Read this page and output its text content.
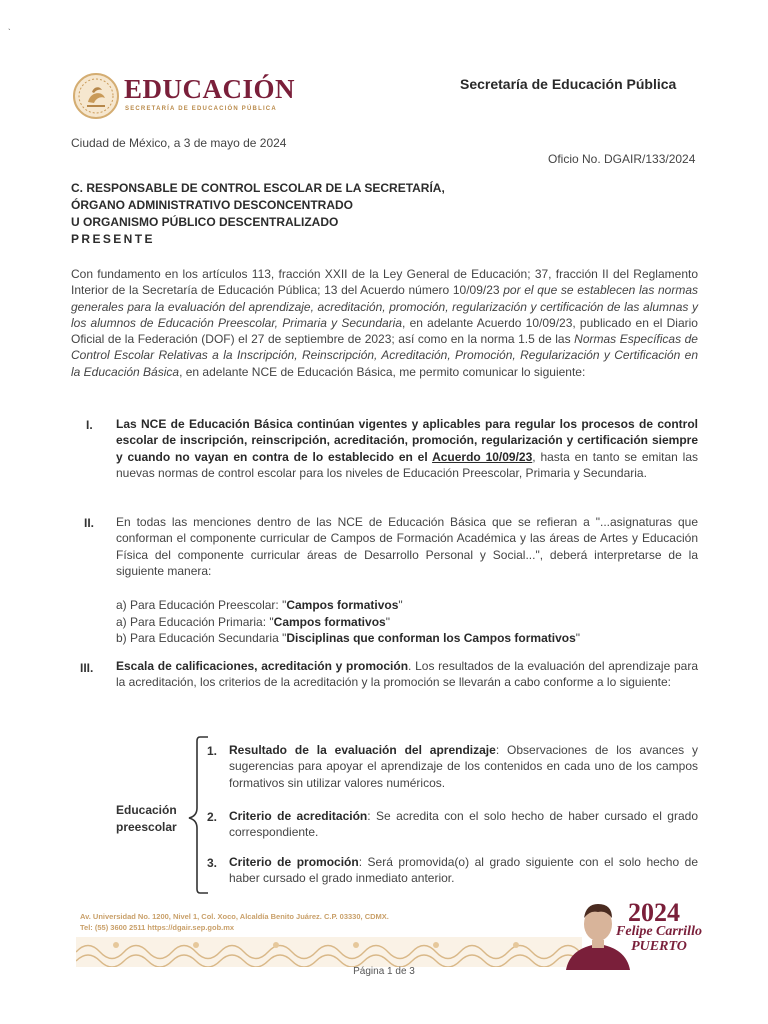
`
EDUCACIÓN
SECRETARÍA DE EDUCACIÓN PÚBLICA
Secretaría de Educación Pública
Ciudad de México, a 3 de mayo de 2024
Oficio No. DGAIR/133/2024
C. RESPONSABLE DE CONTROL ESCOLAR DE LA SECRETARÍA,
ÓRGANO ADMINISTRATIVO DESCONCENTRADO
U ORGANISMO PÚBLICO DESCENTRALIZADO
PRESENTE
Con fundamento en los artículos 113, fracción XXII de la Ley General de Educación; 37, fracción II del Reglamento Interior de la Secretaría de Educación Pública; 13 del Acuerdo número 10/09/23 por el que se establecen las normas generales para la evaluación del aprendizaje, acreditación, promoción, regularización y certificación de las alumnas y los alumnos de Educación Preescolar, Primaria y Secundaria, en adelante Acuerdo 10/09/23, publicado en el Diario Oficial de la Federación (DOF) el 27 de septiembre de 2023; así como en la norma 1.5 de las Normas Específicas de Control Escolar Relativas a la Inscripción, Reinscripción, Acreditación, Promoción, Regularización y Certificación en la Educación Básica, en adelante NCE de Educación Básica, me permito comunicar lo siguiente:
I. Las NCE de Educación Básica continúan vigentes y aplicables para regular los procesos de control escolar de inscripción, reinscripción, acreditación, promoción, regularización y certificación siempre y cuando no vayan en contra de lo establecido en el Acuerdo 10/09/23, hasta en tanto se emitan las nuevas normas de control escolar para los niveles de Educación Preescolar, Primaria y Secundaria.
II. En todas las menciones dentro de las NCE de Educación Básica que se refieran a "...asignaturas que conforman el componente curricular de Campos de Formación Académica y las áreas de Artes y Educación Física del componente curricular áreas de Desarrollo Personal y Social...", deberá interpretarse de la siguiente manera:
a) Para Educación Preescolar: "Campos formativos"
a) Para Educación Primaria: "Campos formativos"
b) Para Educación Secundaria "Disciplinas que conforman los Campos formativos"
III. Escala de calificaciones, acreditación y promoción. Los resultados de la evaluación del aprendizaje para la acreditación, los criterios de la acreditación y la promoción se llevarán a cabo conforme a lo siguiente:
Educación
preescolar
1. Resultado de la evaluación del aprendizaje: Observaciones de los avances y sugerencias para apoyar el aprendizaje de los contenidos en cada uno de los campos formativos sin utilizar valores numéricos.
2. Criterio de acreditación: Se acredita con el solo hecho de haber cursado el grado correspondiente.
3. Criterio de promoción: Será promovida(o) al grado siguiente con el solo hecho de haber cursado el grado inmediato anterior.
Av. Universidad No. 1200, Nivel 1, Col. Xoco, Alcaldía Benito Juárez. C.P. 03330, CDMX.
Tel: (55) 3600 2511 https://dgair.sep.gob.mx
2024
Felipe Carrillo
PUERTO
Página 1 de 3
